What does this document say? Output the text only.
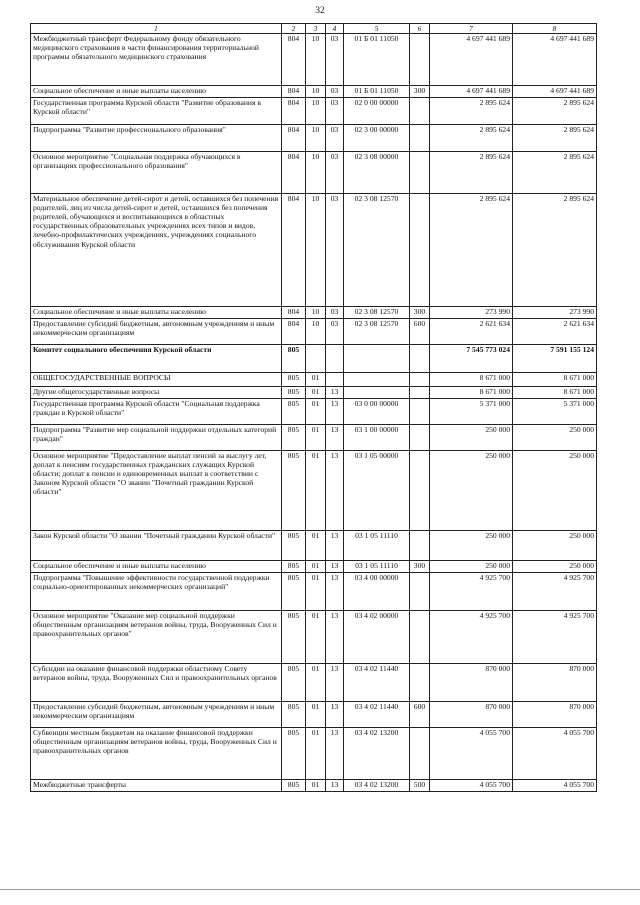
32
1	2	3	4	5	6	7	8
Межбюджетный трансферт Федеральному фонду обязательного медицинского страхования в части финансирования территориальной программы обязательного медицинского страхования	804	10	03	01 Б 01 11050		4 697 441 689	4 697 441 689
Социальное обеспечение и иные выплаты населению	804	10	03	01 Б 01 11050	300	4 697 441 689	4 697 441 689
Государственная программа Курской области "Развитие образования в Курской области"	804	10	03	02 0 00 00000		2 895 624	2 895 624
Подпрограмма "Развитие профессионального образования"	804	10	03	02 3 00 00000		2 895 624	2 895 624
Основное мероприятие "Социальная поддержка обучающихся в организациях профессионального образования"	804	10	03	02 3 08 00000		2 895 624	2 895 624
Материальное обеспечение детей-сирот и детей, оставшихся без попечения родителей, лиц из числа детей-сирот и детей, оставшихся без попечения родителей, обучающихся и воспитывающихся в областных государственных образовательных учреждениях всех типов и видов, лечебно-профилактических учреждениях, учреждениях социального обслуживания Курской области	804	10	03	02 3 08 12570		2 895 624	2 895 624
Социальное обеспечение и иные выплаты населению	804	10	03	02 3 08 12570	300	273 990	273 990
Предоставление субсидий бюджетным, автономным учреждениям и иным некоммерческим организациям	804	10	03	02 3 08 12570	600	2 621 634	2 621 634
Комитет социального обеспечения Курской области	805					7 545 773 024	7 591 155 124
ОБЩЕГОСУДАРСТВЕННЫЕ ВОПРОСЫ	805	01				8 671 000	8 671 000
Другие общегосударственные вопросы	805	01	13			8 671 000	8 671 000
Государственная программа Курской области "Социальная поддержка граждан в Курской области"	805	01	13	03 0 00 00000		5 371 000	5 371 000
Подпрограмма "Развитие мер социальной поддержки отдельных категорий граждан"	805	01	13	03 1 00 00000		250 000	250 000
Основное мероприятие "Предоставление выплат пенсий за выслугу лет, доплат к пенсиям государственных гражданских служащих Курской области; доплат к пенсии и единовременных выплат в соответствии с Законом Курской области "О звании "Почетный гражданин Курской области"	805	01	13	03 1 05 00000		250 000	250 000
Закон Курской области "О звании "Почетный гражданин Курской области"	805	01	13	03 1 05 11110		250 000	250 000
Социальное обеспечение и иные выплаты населению	805	01	13	03 1 05 11110	300	250 000	250 000
Подпрограмма "Повышение эффективности государственной поддержки социально-ориентированных некоммерческих организаций"	805	01	13	03 4 00 00000		4 925 700	4 925 700
Основное мероприятие "Оказание мер социальной поддержки общественным организациям ветеранов войны, труда, Вооруженных Сил и правоохранительных органов"	805	01	13	03 4 02 00000		4 925 700	4 925 700
Субсидии на оказание финансовой поддержки областному Совету ветеранов войны, труда, Вооруженных Сил и правоохранительных органов	805	01	13	03 4 02 11440		870 000	870 000
Предоставление субсидий бюджетным, автономным учреждениям и иным некоммерческим организациям	805	01	13	03 4 02 11440	600	870 000	870 000
Субвенции местным бюджетам на оказание финансовой поддержки общественным организациям ветеранов войны, труда, Вооруженных Сил и правоохранительных органов	805	01	13	03 4 02 13200		4 055 700	4 055 700
Межбюджетные трансферты	805	01	13	03 4 02 13200	500	4 055 700	4 055 700
